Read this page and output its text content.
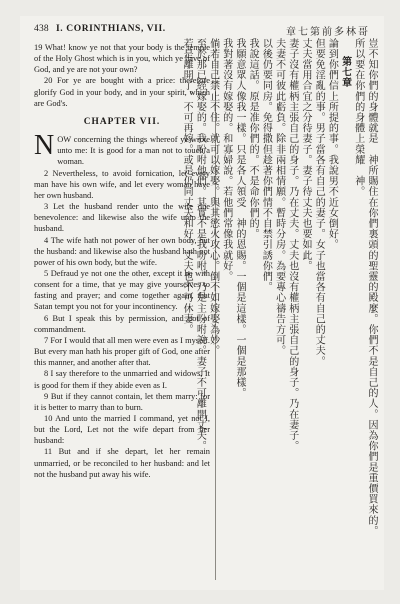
438 I. CORINTHIANS, VII.	章七第前多林哥

19 What! know ye not that your body is the temple of the Holy Ghost which is in you, which ye have of God, and ye are not your own?

20 For ye are bought with a price: therefore glorify God in your body, and in your spirit, which are God's.

CHAPTER VII.

NOW concerning the things whereof ye wrote unto me: It is good for a man not to touch a woman.

2 Nevertheless, to avoid fornication, let every man have his own wife, and let every woman have her own husband.

3 Let the husband render unto the wife due benevolence: and likewise also the wife unto the husband.

4 The wife hath not power of her own body, but the husband: and likewise also the husband hath not power of his own body, but the wife.

5 Defraud ye not one the other, except it be with consent for a time, that ye may give yourselves to fasting and prayer; and come together again, that Satan tempt you not for your incontinency.

6 But I speak this by permission, and not of commandment.

7 For I would that all men were even as I myself. But every man hath his proper gift of God, one after this manner, and another after that.

8 I say therefore to the unmarried and widows, It is good for them if they abide even as I.

9 But if they cannot contain, let them marry: for it is better to marry than to burn.

10 And unto the married I command, yet not I, but the Lord, Let not the wife depart from her husband:

11 But and if she depart, let her remain unmarried, or be reconciled to her husband: and let not the husband put away his wife.	豈不知你們的身體就是　神所賜住在你們裏頭的聖靈的殿麼。你們不是自己的人。因為你們是重價買來的。
所以要在你們的身體上榮耀　神。
第七章
論到你們信上所提的事。我說男不近女倒好。
但要免淫亂的事。男子當各有自己的妻子。女子也當各有自己的丈夫。
丈夫當用合宜之分待妻子。妻子待丈夫也要如此。
妻子沒有權柄主張自己的身子。乃在丈夫。丈夫也沒有權柄主張自己的身子。乃在妻子。
夫妻不可彼此虧負。除非兩相情願。暫時分房。為要專心禱告方可。
以後仍要同房。免得撒但趁著你們情不自禁引誘你們。
我說這話。原是准你們的。不是命你們的。
我願意眾人像我一樣。只是各人領受　神的恩賜。一個是這樣。一個是那樣。
我對著沒有嫁娶的。和寡婦說。若他們常像我就好。
倘若自己禁止不住。就可以嫁娶。與其慾火攻心。倒不如嫁娶為妙。
至於那已經嫁娶的。我吩咐他們。其實不是我吩咐。乃是主吩咐說。妻子不可離開丈夫。
若是離開了。不可再嫁。或是仍同丈夫和好。丈夫也不可休妻。
